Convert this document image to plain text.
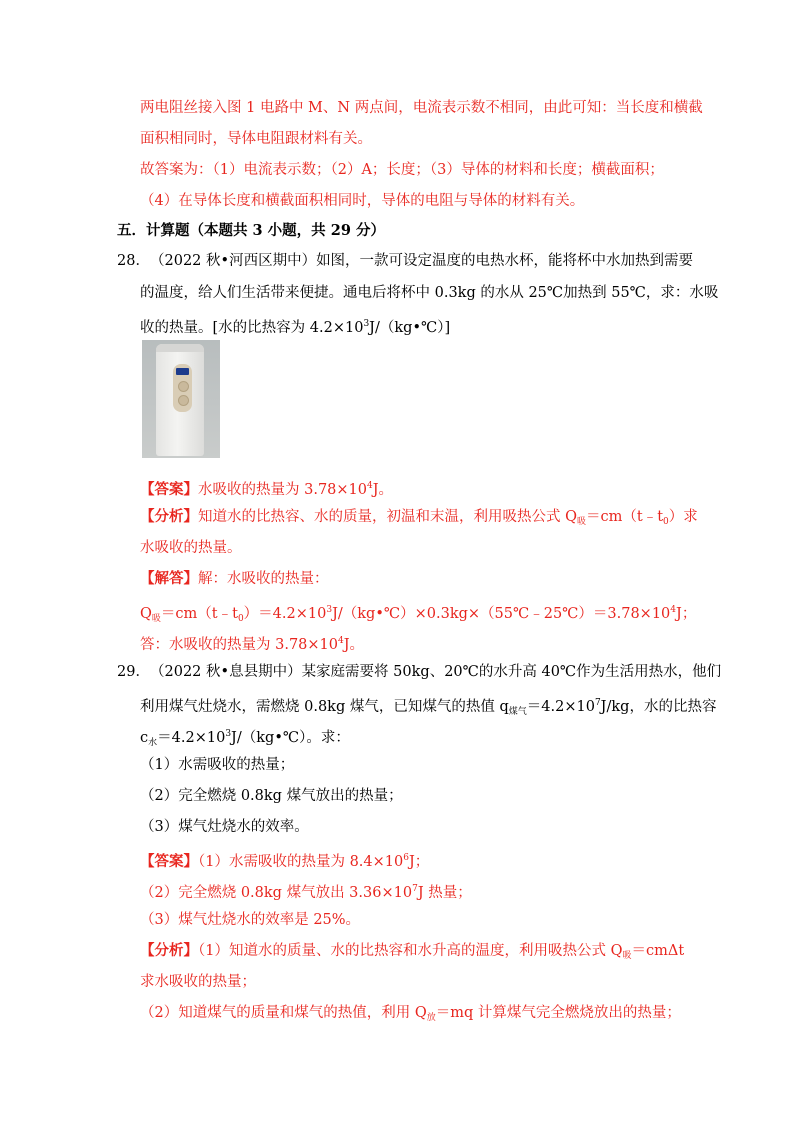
两电阻丝接入图 1 电路中 M、N 两点间，电流表示数不相同，由此可知：当长度和横截
面积相同时，导体电阻跟材料有关。
故答案为：（1）电流表示数；（2）A；长度；（3）导体的材料和长度；横截面积；
（4）在导体长度和横截面积相同时，导体的电阻与导体的材料有关。
五．计算题（本题共 3 小题，共 29 分）
28． （2022 秋•河西区期中）如图，一款可设定温度的电热水杯，能将杯中水加热到需要
的温度，给人们生活带来便捷。通电后将杯中 0.3kg 的水从 25℃加热到 55℃，求：水吸
收的热量。[水的比热容为 $4.2\times 10^3J/(kg•℃)$]
【答案】水吸收的热量为 $3.78\times 10^4J$。
【分析】知道水的比热容、水的质量，初温和末温，利用吸热公式 $Q_吸=cm(t﹣t_0)$求
水吸收的热量。
【解答】解：水吸收的热量：
$Q_吸=cm(t﹣t_0)=4.2\times 10^3J/(kg•℃)\times 0.3kg\times(55℃﹣25℃)=3.78\times 10^4J$；
答：水吸收的热量为 $3.78\times 10^4J$。
29． （2022 秋•息县期中）某家庭需要将 50kg、20℃的水升高 40℃作为生活用热水，他们
利用煤气灶烧水，需燃烧 0.8kg 煤气，已知煤气的热值 $q_{煤气}=4.2\times 10^7J/kg$，水的比热容
$c_水=4.2\times 10^3J/(kg•℃)$。求：
（1）水需吸收的热量；
（2）完全燃烧 0.8kg 煤气放出的热量；
（3）煤气灶烧水的效率。
【答案】（1）水需吸收的热量为 $8.4\times 10^6J$；
（2）完全燃烧 0.8kg 煤气放出 $3.36\times 10^7J$ 热量；
（3）煤气灶烧水的效率是 25%。
【分析】（1）知道水的质量、水的比热容和水升高的温度，利用吸热公式 $Q_吸=cm\Delta t$
求水吸收的热量；
（2）知道煤气的质量和煤气的热值，利用 $Q_放=mq$ 计算煤气完全燃烧放出的热量；
